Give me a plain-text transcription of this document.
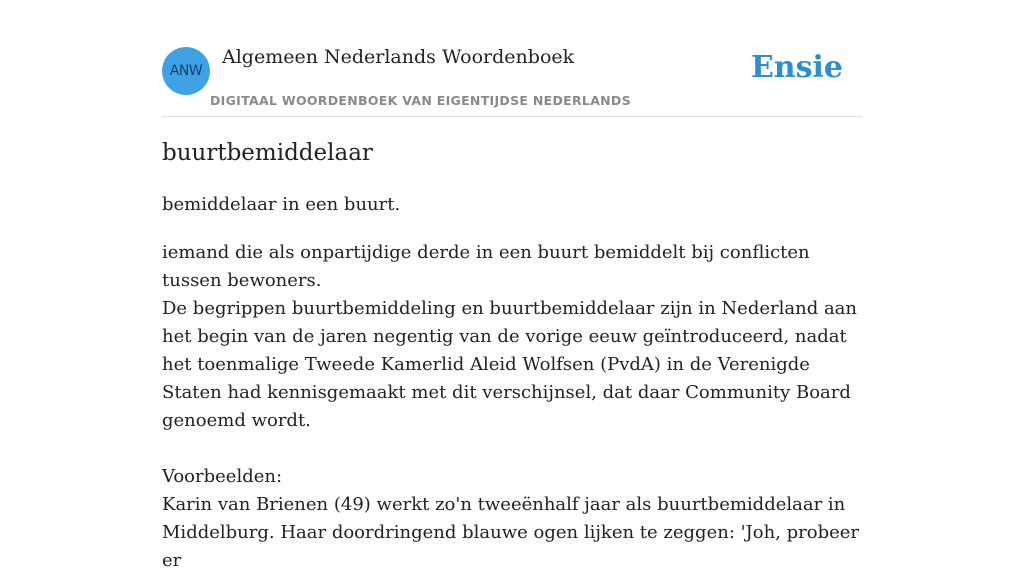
ANW
Algemeen Nederlands Woordenboek
DIGITAAL WOORDENBOEK VAN EIGENTIJDSE NEDERLANDS
Ensie
buurtbemiddelaar
bemiddelaar in een buurt.

iemand die als onpartijdige derde in een buurt bemiddelt bij conflicten tussen bewoners.

De begrippen buurtbemiddeling en buurtbemiddelaar zijn in Nederland aan het begin van de jaren negentig van de vorige eeuw geïntroduceerd, nadat het toenmalige Tweede Kamerlid Aleid Wolfsen (PvdA) in de Verenigde Staten had kennisgemaakt met dit verschijnsel, dat daar Community Board genoemd wordt.

Voorbeelden:

Karin van Brienen (49) werkt zo'n tweeënhalf jaar als buurtbemiddelaar in Middelburg. Haar doordringend blauwe ogen lijken te zeggen: 'Joh, probeer er
